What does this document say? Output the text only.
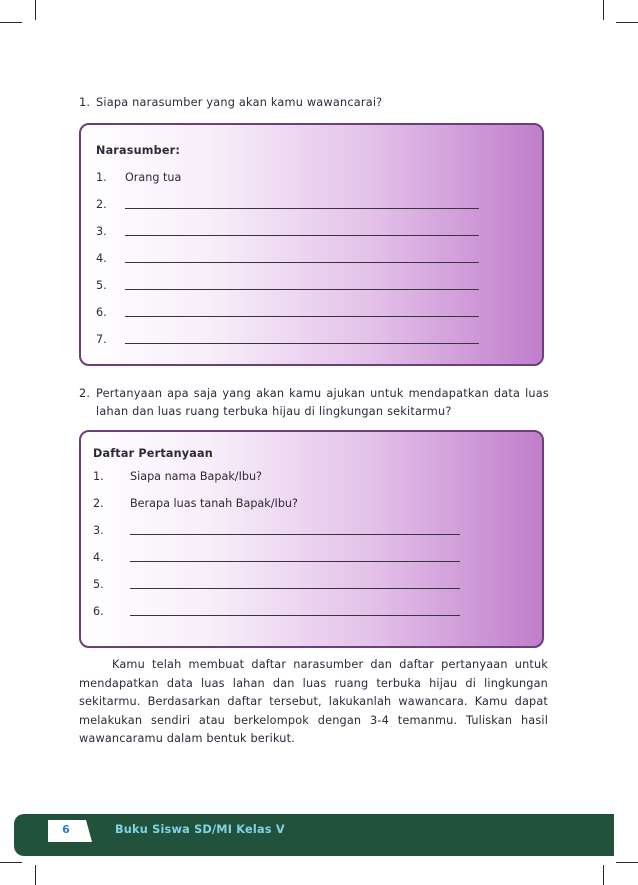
1. Siapa narasumber yang akan kamu wawancarai?
Narasumber:
1. Orang tua
2.
3.
4.
5.
6.
7.
2. Pertanyaan apa saja yang akan kamu ajukan untuk mendapatkan data luas lahan dan luas ruang terbuka hijau di lingkungan sekitarmu?
Daftar Pertanyaan
1. Siapa nama Bapak/Ibu?
2. Berapa luas tanah Bapak/Ibu?
3.
4.
5.
6.
Kamu telah membuat daftar narasumber dan daftar pertanyaan untuk mendapatkan data luas lahan dan luas ruang terbuka hijau di lingkungan sekitarmu. Berdasarkan daftar tersebut, lakukanlah wawancara. Kamu dapat melakukan sendiri atau berkelompok dengan 3-4 temanmu. Tuliskan hasil wawancaramu dalam bentuk berikut.
6	Buku Siswa SD/MI Kelas V
